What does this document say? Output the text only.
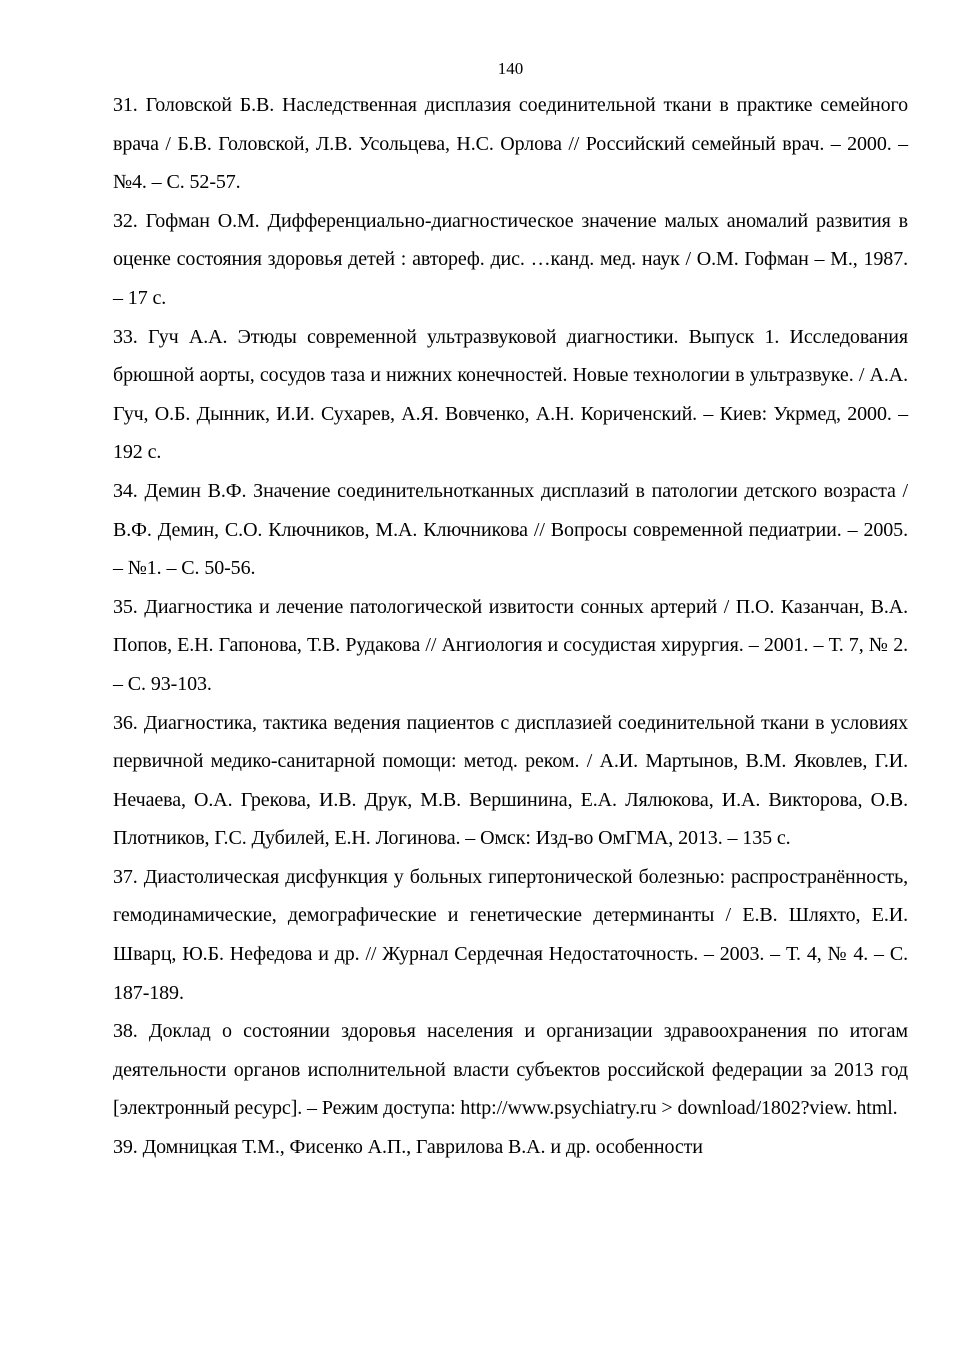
140

31. Головской Б.В. Наследственная дисплазия соединительной ткани в практике семейного врача / Б.В. Головской, Л.В. Усольцева, Н.С. Орлова // Российский семейный врач. – 2000. – №4. – С. 52-57.

32. Гофман О.М. Дифференциально-диагностическое значение малых аномалий развития в оценке состояния здоровья детей : автореф. дис. …канд. мед. наук / О.М. Гофман – М., 1987. – 17 с.

33. Гуч А.А. Этюды современной ультразвуковой диагностики. Выпуск 1. Исследования брюшной аорты, сосудов таза и нижних конечностей. Новые технологии в ультразвуке. / А.А. Гуч, О.Б. Дынник, И.И. Сухарев, А.Я. Вовченко, А.Н. Кориченский. – Киев: Укрмед, 2000. – 192 с.

34. Демин В.Ф. Значение соединительнотканных дисплазий в патологии детского возраста / В.Ф. Демин, С.О. Ключников, М.А. Ключникова // Вопросы современной педиатрии. – 2005. – №1. – С. 50-56.

35. Диагностика и лечение патологической извитости сонных артерий / П.О. Казанчан, В.А. Попов, Е.Н. Гапонова, Т.В. Рудакова // Ангиология и сосудистая хирургия. – 2001. – Т. 7, № 2. – С. 93-103.

36. Диагностика, тактика ведения пациентов с дисплазией соединительной ткани в условиях первичной медико-санитарной помощи: метод. реком. / А.И. Мартынов, В.М. Яковлев, Г.И. Нечаева, О.А. Грекова, И.В. Друк, М.В. Вершинина, Е.А. Лялюкова, И.А. Викторова, О.В. Плотников, Г.С. Дубилей, Е.Н. Логинова. – Омск: Изд-во ОмГМА, 2013. – 135 с.

37. Диастолическая дисфункция у больных гипертонической болезнью: распространённость, гемодинамические, демографические и генетические детерминанты / Е.В. Шляхто, Е.И. Шварц, Ю.Б. Нефедова и др. // Журнал Сердечная Недостаточность. – 2003. – Т. 4, № 4. – С. 187-189.

38. Доклад о состоянии здоровья населения и организации здравоохранения по итогам деятельности органов исполнительной власти субъектов российской федерации за 2013 год [электронный ресурс]. – Режим доступа: http://www.psychiatry.ru > download/1802?view. html.

39. Домницкая Т.М., Фисенко А.П., Гаврилова В.А. и др. особенности
